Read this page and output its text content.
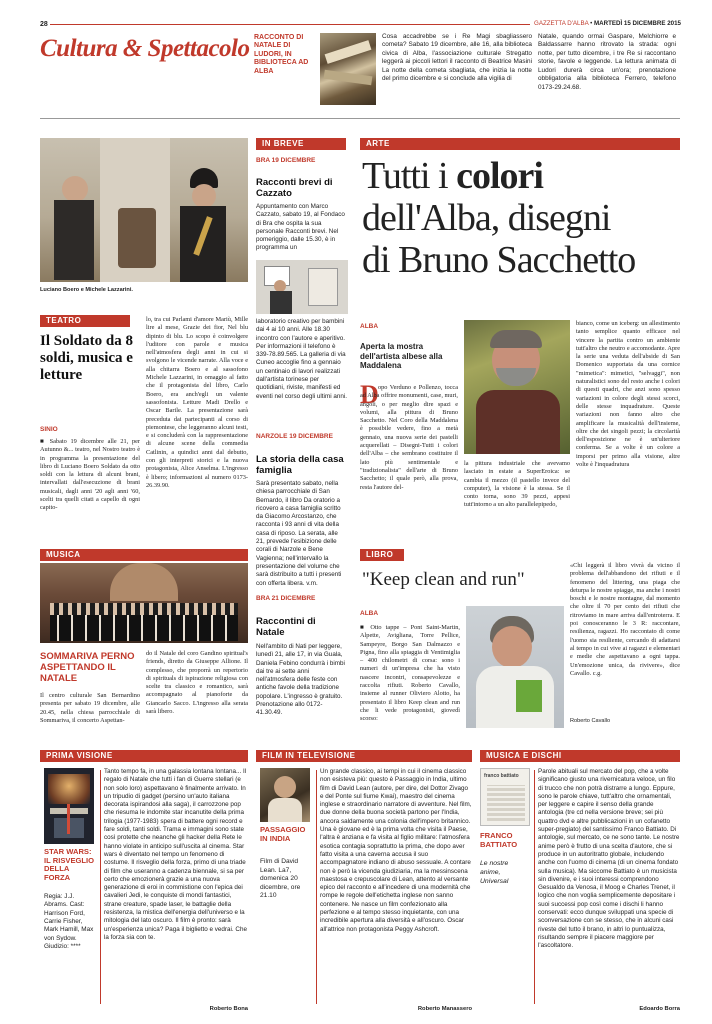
28	GAZZETTA D'ALBA • MARTEDÌ 15 DICEMBRE 2015
Cultura & Spettacolo RACCONTO DI NATALE DI LUDORI, IN BIBLIOTECA AD ALBA
Cosa accadrebbe se i Re Magi sbagliassero cometa? Sabato 19 dicembre, alle 16, alla biblioteca civica di Alba, l'associazione culturale Stregatto leggerà ai piccoli lettori il racconto di Beatrice Masini La notte della cometa sbagliata, che inizia la notte del primo dicembre e si conclude alla vigilia di
Natale, quando ormai Gaspare, Melchiorre e Baldassarre hanno ritrovato la strada: ogni notte, per tutto dicembre, i tre Re si raccontano storie, favole e leggende. La lettura animata di Ludori durerà circa un'ora; prenotazione obbligatoria alla biblioteca Ferrero, telefono 0173-29.24.68.
Luciano Boero e Michele Lazzarini.
TEATRO
Il Soldato da 8 soldi, musica e letture
SINIO
■ Sabato 19 dicembre alle 21, per Autunno &... teatro, nel Nostro teatro è in programma la presentazione del libro di Luciano Boero Soldato da otto soldi con la lettura di alcuni brani, intervallati dall'esecuzione di brani musicali, dagli anni '20 agli anni '60, scelti tra quelli citati a capello di ogni capito-
lo, tra cui Parlami d'amore Mariù, Mille lire al mese, Grazie dei fior, Nel blu dipinto di blu. Lo scopo è coinvolgere l'uditore con parole e musica nell'atmosfera degli anni in cui si svolgono le vicende narrate. Alla voce e alla chitarra Boero e al sassofono Michele Lazzarini, in omaggio al fatto che il protagonista del libro, Carlo Boero, era anch'egli un valente sassofonista. Letture Madi Drello e Oscar Barile. La presentazione sarà preceduta dai partecipanti al corso di piemontese, che leggeranno alcuni testi, e si concluderà con la rappresentazione di alcune scene della commedia Catlinin, a quindici anni dal debutto, con gli interpreti storici e la nuova protagonista, Alice Anselma. L'ingresso è libero; informazioni al numero 0173-26.39.90.
MUSICA
SOMMARIVA PERNO ASPETTANDO IL NATALE
Il centro culturale San Bernardino presenta per sabato 19 dicembre, alle 20.45, nella chiesa parrocchiale di Sommariva, il concerto Aspettan-
do il Natale del coro Gandino spiritual's friends, diretto da Giuseppe Allione. Il complesso, che proporrà un repertorio di spirituals di ispirazione religiosa con scelte tra classico e romantico, sarà accompagnato al pianoforte da Giancarlo Sacco. L'ingresso alla serata sarà libero.
IN BREVE
BRA 19 DICEMBRE
Racconti brevi di Cazzato
Appuntamento con Marco Cazzato, sabato 19, al Fondaco di Bra che ospita la sua personale Racconti brevi. Nel pomeriggio, dalle 15.30, è in programma un
laboratorio creativo per bambini dai 4 ai 10 anni. Alle 18.30 incontro con l'autore e aperitivo. Per informazioni il telefono è 339-78.89.565. La galleria di via Cuneo accoglie fino a gennaio un centinaio di lavori realizzati dall'artista torinese per quotidiani, riviste, manifesti ed eventi nel corso degli ultimi anni.
NARZOLE 19 DICEMBRE
La storia della casa famiglia
Sarà presentato sabato, nella chiesa parrocchiale di San Bernardo, il libro Da oratorio a ricovero a casa famiglia scritto da Giacomo Arcostanzo, che racconta i 93 anni di vita della casa di riposo. La serata, alle 21, prevede l'esibizione delle corali di Narzole e Bene Vagienna; nell'intervallo la presentazione del volume che sarà distribuito a tutti i presenti con offerta libera. v.m.
BRA 21 DICEMBRE
Raccontini di Natale
Nell'ambito di Nati per leggere, lunedì 21, alle 17, in via Guala, Daniela Febino condurrà i bimbi dai tre ai sette anni nell'atmosfera delle feste con antiche favole della tradizione popolare. L'ingresso è gratuito. Prenotazione allo 0172-41.30.49.
ARTE
Tutti i colori
dell'Alba, disegni
di Bruno Sacchetto
ALBA
Aperta la mostra dell'artista albese alla Maddalena
D opo Verduno e Pollenzo, tocca ad Alba offrire monumenti, case, muri, angoli, o per meglio dire spazi e volumi, alla pittura di Bruno Sacchetto. Nel Coro della Maddalena è possibile vedere, fino a metà gennaio, una nuova serie dei pastelli acquerellati – Disegni-Tutti i colori dell'Alba – che sembrano costituire il lato più sentimentale e "tradizionalista" dell'arte di Bruno Sacchetto; il quale però, alla prova, resta l'autore del-
la pittura industriale che avevamo lasciato in estate a SuperEroica: se cambia il mezzo (il pastello invece del computer), la visione è la stessa. Se il conto torna, sono 39 pezzi, appesi tutt'intorno a un alto parallelepipedo,
bianco, come un iceberg: un allestimento tanto semplice quanto efficace nel vincere la partita contro un ambiente tutt'altro che neutro e accomodante. Apre la serie una veduta dell'abside di San Domenico supportata da una cornice "mimetica": mimetici, "selvaggi", non naturalistici sono del resto anche i colori di questi quadri, che anzi sono spesso variazioni in colore degli stessi scorci, delle stesse inquadrature. Queste variazioni non fanno altro che amplificare la musicalità dell'insieme, oltre che dei singoli pezzi; la circolarità dell'esposizione ne è un'ulteriore conferma. Se a volte è un colore a imporsi per primo alla visione, altre volte è l'inquadratura
LIBRO
"Keep clean and run"
ALBA
■ Otto tappe – Pont Saint-Martin, Alpette, Avigliana, Torre Pellice, Sampeyre, Borgo San Dalmazzo e Pigna, fino alla spiaggia di Ventimiglia – 400 chilometri di corsa: sono i numeri di un'impresa che ha visto nascere incontri, consapevolezze e raccolta rifiuti. Roberto Cavallo, insieme al runner Oliviero Alotto, ha presentato il libro Keep clean and run che li vede protagonisti, giovedì scorso:
«Chi leggerà il libro vivrà da vicino il problema dell'abbandono dei rifiuti e il fenomeno del littering, una piaga che deturpa le nostre spiagge, ma anche i nostri boschi e le nostre montagne, dal momento che oltre il 70 per cento dei rifiuti che ritroviamo in mare arriva dall'entroterra. E poi conosceranno le 3 R: raccontare, resilienza, ragazzi. Ho raccontato di come l'uomo sia resiliente, cercando di adattarsi al tempo in cui vive ai ragazzi e elementari e medie che aspettavano a ogni tappa. Un'emozione unica, da rivivere», dice Cavallo. c.g.
Roberto Cavallo
PRIMA VISIONE
STAR WARS: IL RISVEGLIO DELLA FORZA
Regia: J.J. Abrams. Cast: Harrison Ford, Carrie Fisher, Mark Hamill, Max von Sydow. Giudizio: ****
Tanto tempo fa, in una galassia lontana lontana... Il regalo di Natale che tutti i fan di Guerre stellari (e non solo loro) aspettavano è finalmente arrivato. In un tripudio di gadget (persino un'auto italiana decorata ispirandosi alla saga), il carrozzone pop che riesuma le indomite star incanutite della prima trilogia (1977-1983) spera di battere ogni record e fare soldi, tanti soldi. Trama e immagini sono state così protette che neanche gli hacker della Rete le hanno violate in anticipo sull'uscita al cinema. Star wars è diventato nel tempo un fenomeno di costume. Il risveglio della forza, primo di una triade di film che useranno a cadenza biennale, si sa per certo che emozionerà grazie a una nuova generazione di eroi in commistione con l'epica dei cavalieri Jedi, le conquiste di mondi fantastici, strane creature, spade laser, le battaglie della resistenza, la mistica dell'energia dell'universo e la mitologia del lato oscuro. Il film è pronto: sarà un'esperienza unica? Paga il biglietto e vedrai. Che la forza sia con te.
Roberto Bona
FILM IN TELEVISIONE
PASSAGGIO IN INDIA
Film di David Lean. La7, domenica 20 dicembre, ore 21.10
Un grande classico, ai tempi in cui il cinema classico non esisteva più: questo è Passaggio in India, ultimo film di David Lean (autore, per dire, del Dottor Zivago e del Ponte sul fiume Kwai), maestro del cinema inglese e straordinario narratore di avventure. Nel film, due donne della buona società partono per l'India, ancora saldamente una colonia dell'impero britannico. Una è giovane ed è la prima volta che visita il Paese, l'altra è anziana e fa visita al figlio militare: l'atmosfera esotica contagia soprattutto la prima, che dopo aver fatto visita a una caverna accusa il suo accompagnatore indiano di abuso sessuale. A contare non è però la vicenda giudiziaria, ma la messinscena maestosa e crepuscolare di Lean, attento al versante epico del racconto e all'incedere di una modernità che rompe le regole dell'etichetta inglese non sanno contenere. Ne nasce un film confezionato alla perfezione e al tempo stesso inquietante, con una incredibile apertura alla diversità e all'oscuro. Oscar all'attrice non protagonista Peggy Ashcroft.
Roberto Manassero
MUSICA E DISCHI
franco battiato
FRANCO BATTIATO
Le nostre anime, Universal
Parole abituali sul mercato del pop, che a volte significano giusto una rivernicatura veloce, un filo di trucco che non potrà distrarre a lungo. Eppure, sono le parole chiave, tutt'altro che ornamentali, per leggere e capire il senso della grande antologia (tre cd nella versione breve; sei più quattro dvd e altre pubblicazioni in un cofanetto super-pregiato) del santissimo Franco Battiato. Di antologie, sul mercato, ce ne sono tante. Le nostre anime però è frutto di una scelta d'autore, che si produce in un autoritratto globale, includendo anche con l'uomo di cinema (di un cinema fondato sulla musica). Ma siccome Battiato è un musicista sin divenire, e i suoi interessi comprendono Gesualdo da Venosa, il Moog e Charles Trenet, il logico che non voglia semplicemente depositare i suoi successi pop così come i dischi li hanno conservati: ecco dunque sviluppati una specie di sconversazione con se stesso, che in alcuni casi riveste del tutto il brano, in altri lo puntualizza, risultando sempre il piacere maggiore per l'ascoltatore.
Edoardo Borra
